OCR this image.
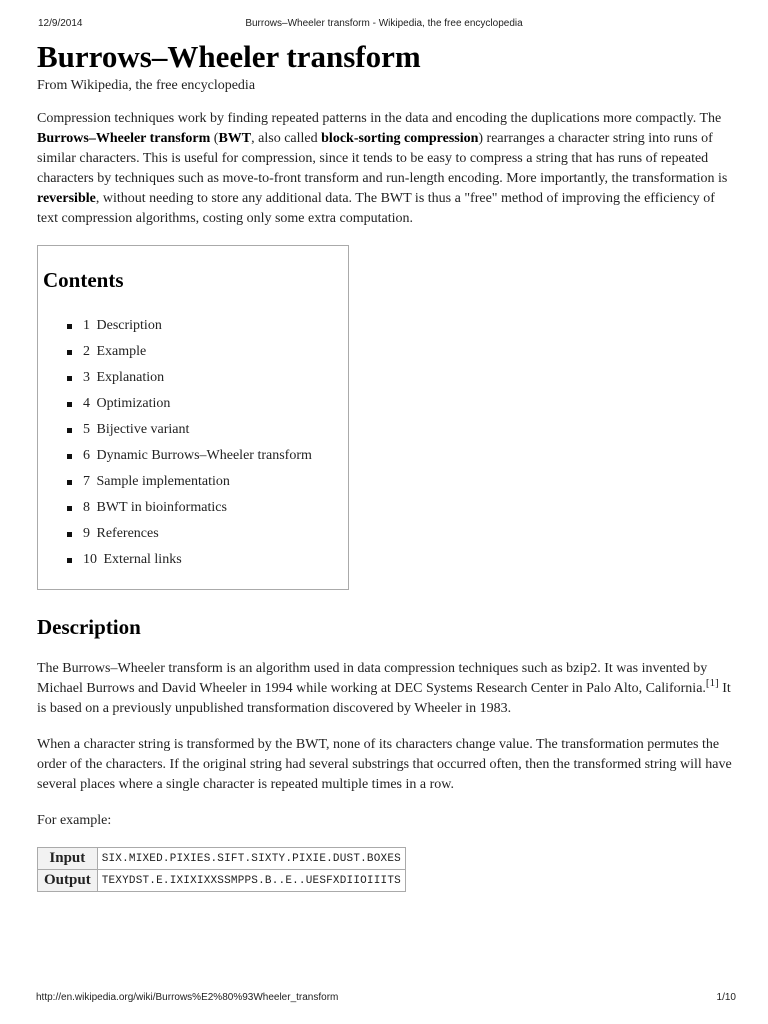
12/9/2014	Burrows–Wheeler transform - Wikipedia, the free encyclopedia
Burrows–Wheeler transform

From Wikipedia, the free encyclopedia

Compression techniques work by finding repeated patterns in the data and encoding the duplications more compactly. The Burrows–Wheeler transform (BWT, also called block-sorting compression) rearranges a character string into runs of similar characters. This is useful for compression, since it tends to be easy to compress a string that has runs of repeated characters by techniques such as move-to-front transform and run-length encoding. More importantly, the transformation is reversible, without needing to store any additional data. The BWT is thus a "free" method of improving the efficiency of text compression algorithms, costing only some extra computation.

Contents
1 Description
2 Example
3 Explanation
4 Optimization
5 Bijective variant
6 Dynamic Burrows–Wheeler transform
7 Sample implementation
8 BWT in bioinformatics
9 References
10 External links
Description

The Burrows–Wheeler transform is an algorithm used in data compression techniques such as bzip2. It was invented by Michael Burrows and David Wheeler in 1994 while working at DEC Systems Research Center in Palo Alto, California.[1] It is based on a previously unpublished transformation discovered by Wheeler in 1983.

When a character string is transformed by the BWT, none of its characters change value. The transformation permutes the order of the characters. If the original string had several substrings that occurred often, then the transformed string will have several places where a single character is repeated multiple times in a row.

For example:

Input	SIX.MIXED.PIXIES.SIFT.SIXTY.PIXIE.DUST.BOXES
Output	TEXYDST.E.IXIXIXXSSMPPS.B..E..UESFXDIIOIIITS
http://en.wikipedia.org/wiki/Burrows%E2%80%93Wheeler_transform	1/10
